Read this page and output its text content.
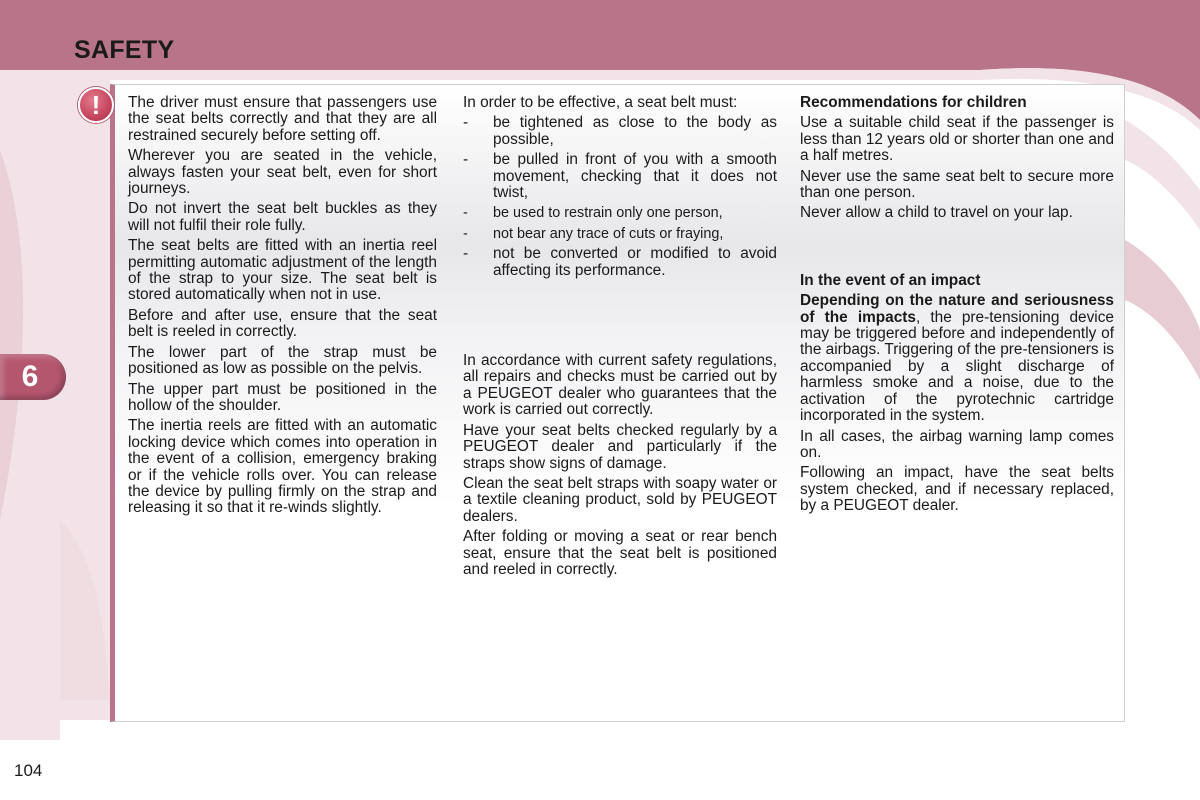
SAFETY
6
!	The driver must ensure that passengers use the seat belts correctly and that they are all restrained securely before setting off.

Wherever you are seated in the vehicle, always fasten your seat belt, even for short journeys.

Do not invert the seat belt buckles as they will not fulfil their role fully.

The seat belts are fitted with an inertia reel permitting automatic adjustment of the length of the strap to your size. The seat belt is stored automatically when not in use.

Before and after use, ensure that the seat belt is reeled in correctly.

The lower part of the strap must be positioned as low as possible on the pelvis.

The upper part must be positioned in the hollow of the shoulder.

The inertia reels are fitted with an automatic locking device which comes into operation in the event of a collision, emergency braking or if the vehicle rolls over. You can release the device by pulling firmly on the strap and releasing it so that it re-winds slightly.

In order to be effective, a seat belt must:

- be tightened as close to the body as possible,
- be pulled in front of you with a smooth movement, checking that it does not twist,
- be used to restrain only one person,
- not bear any trace of cuts or fraying,
- not be converted or modified to avoid affecting its performance.

In accordance with current safety regulations, all repairs and checks must be carried out by a PEUGEOT dealer who guarantees that the work is carried out correctly.

Have your seat belts checked regularly by a PEUGEOT dealer and particularly if the straps show signs of damage.

Clean the seat belt straps with soapy water or a textile cleaning product, sold by PEUGEOT dealers.

After folding or moving a seat or rear bench seat, ensure that the seat belt is positioned and reeled in correctly.

Recommendations for children

Use a suitable child seat if the passenger is less than 12 years old or shorter than one and a half metres.

Never use the same seat belt to secure more than one person.

Never allow a child to travel on your lap.

In the event of an impact

Depending on the nature and seriousness of the impacts, the pre-tensioning device may be triggered before and independently of the airbags. Triggering of the pre-tensioners is accompanied by a slight discharge of harmless smoke and a noise, due to the activation of the pyrotechnic cartridge incorporated in the system.

In all cases, the airbag warning lamp comes on.

Following an impact, have the seat belts system checked, and if necessary replaced, by a PEUGEOT dealer.

104
